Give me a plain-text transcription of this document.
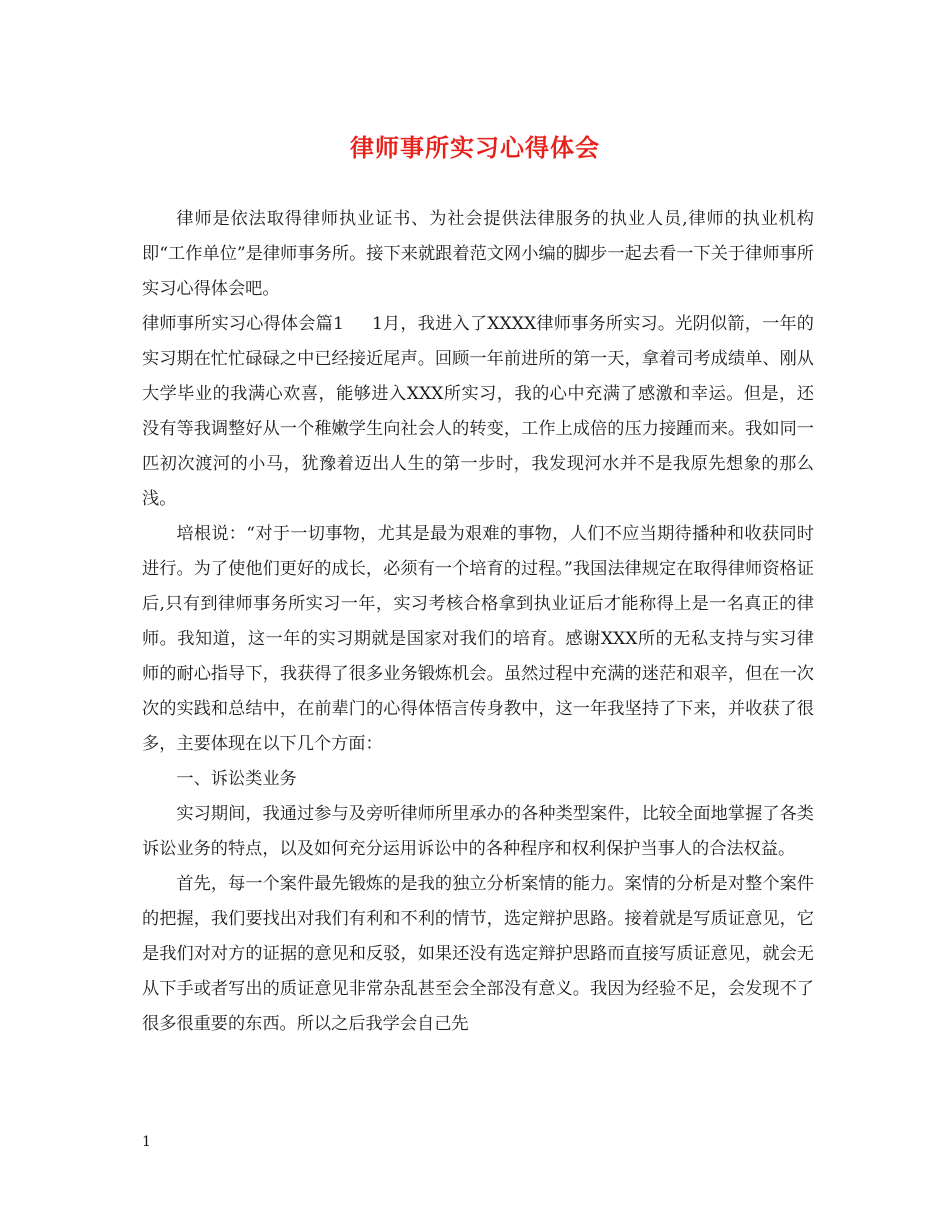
律师事所实习心得体会

律师是依法取得律师执业证书、为社会提供法律服务的执业人员,律师的执业机构即“工作单位”是律师事务所。接下来就跟着范文网小编的脚步一起去看一下关于律师事所实习心得体会吧。

律师事所实习心得体会篇1 1月，我进入了XXXX律师事务所实习。光阴似箭，一年的实习期在忙忙碌碌之中已经接近尾声。回顾一年前进所的第一天，拿着司考成绩单、刚从大学毕业的我满心欢喜，能够进入XXX所实习，我的心中充满了感激和幸运。但是，还没有等我调整好从一个稚嫩学生向社会人的转变，工作上成倍的压力接踵而来。我如同一匹初次渡河的小马，犹豫着迈出人生的第一步时，我发现河水并不是我原先想象的那么浅。

培根说：“对于一切事物，尤其是最为艰难的事物，人们不应当期待播种和收获同时进行。为了使他们更好的成长，必须有一个培育的过程。”我国法律规定在取得律师资格证后,只有到律师事务所实习一年，实习考核合格拿到执业证后才能称得上是一名真正的律师。我知道，这一年的实习期就是国家对我们的培育。感谢XXX所的无私支持与实习律师的耐心指导下，我获得了很多业务锻炼机会。虽然过程中充满的迷茫和艰辛，但在一次次的实践和总结中，在前辈门的心得体悟言传身教中，这一年我坚持了下来，并收获了很多，主要体现在以下几个方面：

一、诉讼类业务

实习期间，我通过参与及旁听律师所里承办的各种类型案件，比较全面地掌握了各类诉讼业务的特点，以及如何充分运用诉讼中的各种程序和权利保护当事人的合法权益。

首先，每一个案件最先锻炼的是我的独立分析案情的能力。案情的分析是对整个案件的把握，我们要找出对我们有利和不利的情节，选定辩护思路。接着就是写质证意见，它是我们对对方的证据的意见和反驳，如果还没有选定辩护思路而直接写质证意见，就会无从下手或者写出的质证意见非常杂乱甚至会全部没有意义。我因为经验不足，会发现不了很多很重要的东西。所以之后我学会自己先

1
